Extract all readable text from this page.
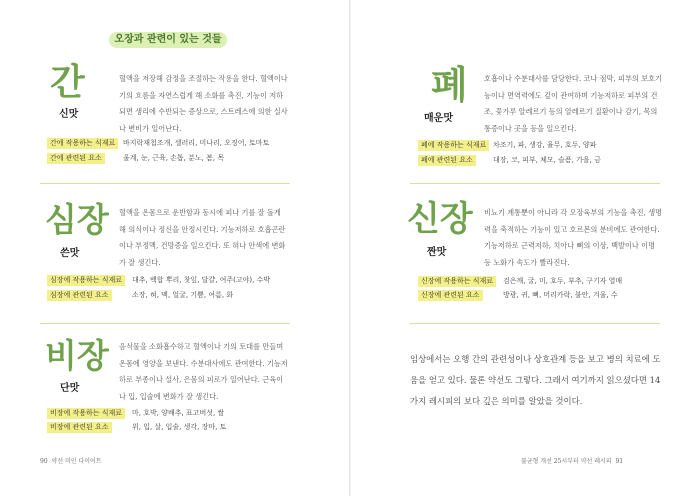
오장과 관련이 있는 것들
간
신맛

혈액을 저장해 감정을 조절하는 작용을 한다. 혈액이나 기의 흐름을 자연스럽게 해 소화를 촉진, 기능이 저하되면 생리에 수반되는 증상으로, 스트레스에 의한 실사나 변비가 일어난다.

간에 작용하는 식재료	바지락재첩조개, 셀러리, 미나리, 오징어, 토마토
간에 관련된 요소	울계, 눈, 근육, 손톱, 분노, 봄, 목
심장
쓴맛

혈액을 온몸으로 운반함과 동시에 피나 기를 잘 돌게 해 의식이나 정신을 안정시킨다. 기능저하로 호흡곤란이나 부정맥, 건망증을 일으킨다. 또 혀나 안색에 변화가 잘 생긴다.

심장에 작용하는 식재료	대추, 백합 뿌리, 찻잎, 달걀, 여주(고야), 수박
심장에 관련된 요소	소장, 혀, 맥, 얼굴, 기쁨, 여름, 화
비장
단맛

음식물을 소화흡수하고 혈액이나 기의 토대를 만들며 온몸에 영양을 보낸다. 수분대사에도 관여한다. 기능저하로 부종이나 설사, 은몸의 피로가 일어난다. 근육이나 입, 입술에 변화가 잘 생긴다.

비장에 작용하는 식재료	마, 호박, 양배추, 표고버섯, 쌀
비장에 관련된 요소	위, 입, 살, 입술, 생각, 장마, 토
90 약선 미인 다이어트
폐
매운맛

호흡이나 수분대사를 담당한다. 코나 점막, 피부의 보호기능이나 면역력에도 깊이 관여하며 기능저하로 피부의 건조, 꽃가루 알레르기 등의 알레르기 질환이나 감기, 목의 통증이나 곳을 등을 일으킨다.

폐에 작용하는 식재료 차조기, 파, 생강, 율무, 호두, 양파
폐에 관련된 요소	대장, 코, 피부, 체모, 슬픔, 가을, 금
신장
짠맛

비뇨기 계통뿐이 아니라 각 오장육부의 기능을 촉진, 생명력을 축적하는 기능이 있고 호르몬의 분비에도 관여한다. 기능저하로 근력저하, 치아나 뼈의 이상, 백발이나 이명 등 노화가 속도가 빨라진다.

신장에 작용하는 식재료	검은깨, 굴, 미, 호두, 부추, 구기자 열매
신장에 관련된 요소	방광, 귀, 뼈, 머리카락, 불안, 겨울, 수
불균형 개선 25시부터 약선 레시피 91

임상에서는 오행 간의 관련성이나 상호관계 등을 보고 병의 치료에 도움을 얻고 있다. 물론 약선도 그렇다. 그래서 여기까지 읽으셨다면 14가지 레시피의 보다 깊은 의미를 알았을 것이다.
